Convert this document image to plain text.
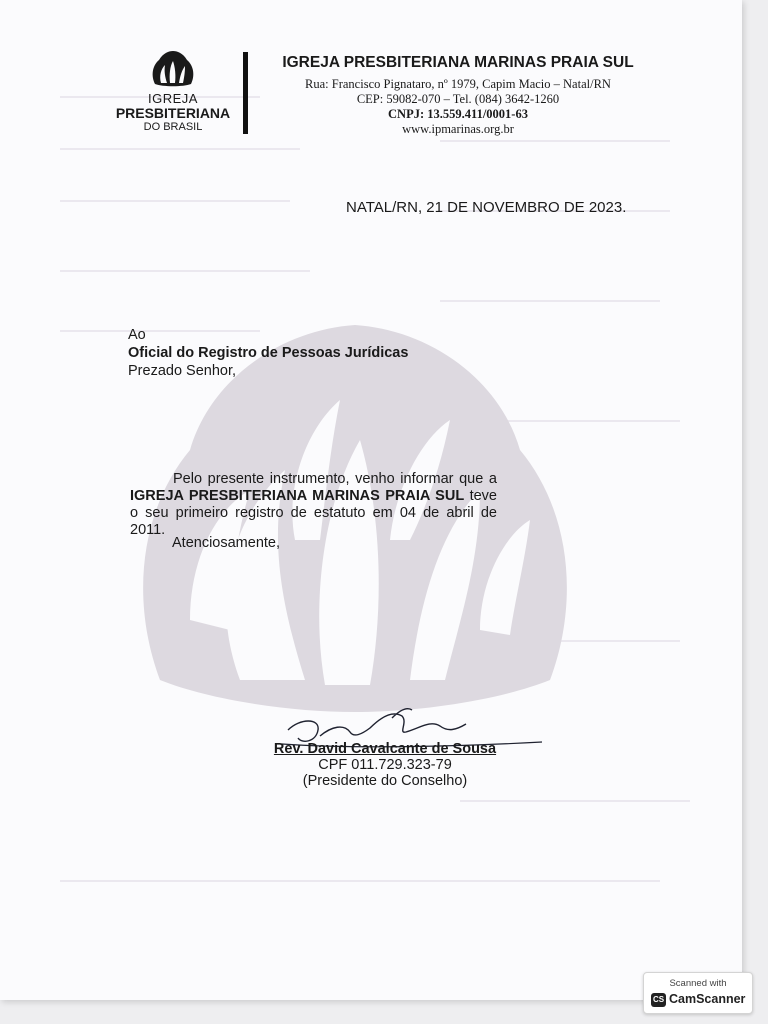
IGREJA
PRESBITERIANA
DO BRASIL
IGREJA PRESBITERIANA MARINAS PRAIA SUL
Rua: Francisco Pignataro, nº 1979, Capim Macio – Natal/RN
CEP: 59082-070 – Tel. (084) 3642-1260
CNPJ: 13.559.411/0001-63
www.ipmarinas.org.br
NATAL/RN, 21 DE NOVEMBRO DE 2023.
Ao
Oficial do Registro de Pessoas Jurídicas
Prezado Senhor,
Pelo presente instrumento, venho informar que a IGREJA PRESBITERIANA MARINAS PRAIA SUL teve o seu primeiro registro de estatuto em 04 de abril de 2011.
Atenciosamente,
Rev. David Cavalcante de Sousa
CPF 011.729.323-79
(Presidente do Conselho)
Scanned with
CS CamScanner
